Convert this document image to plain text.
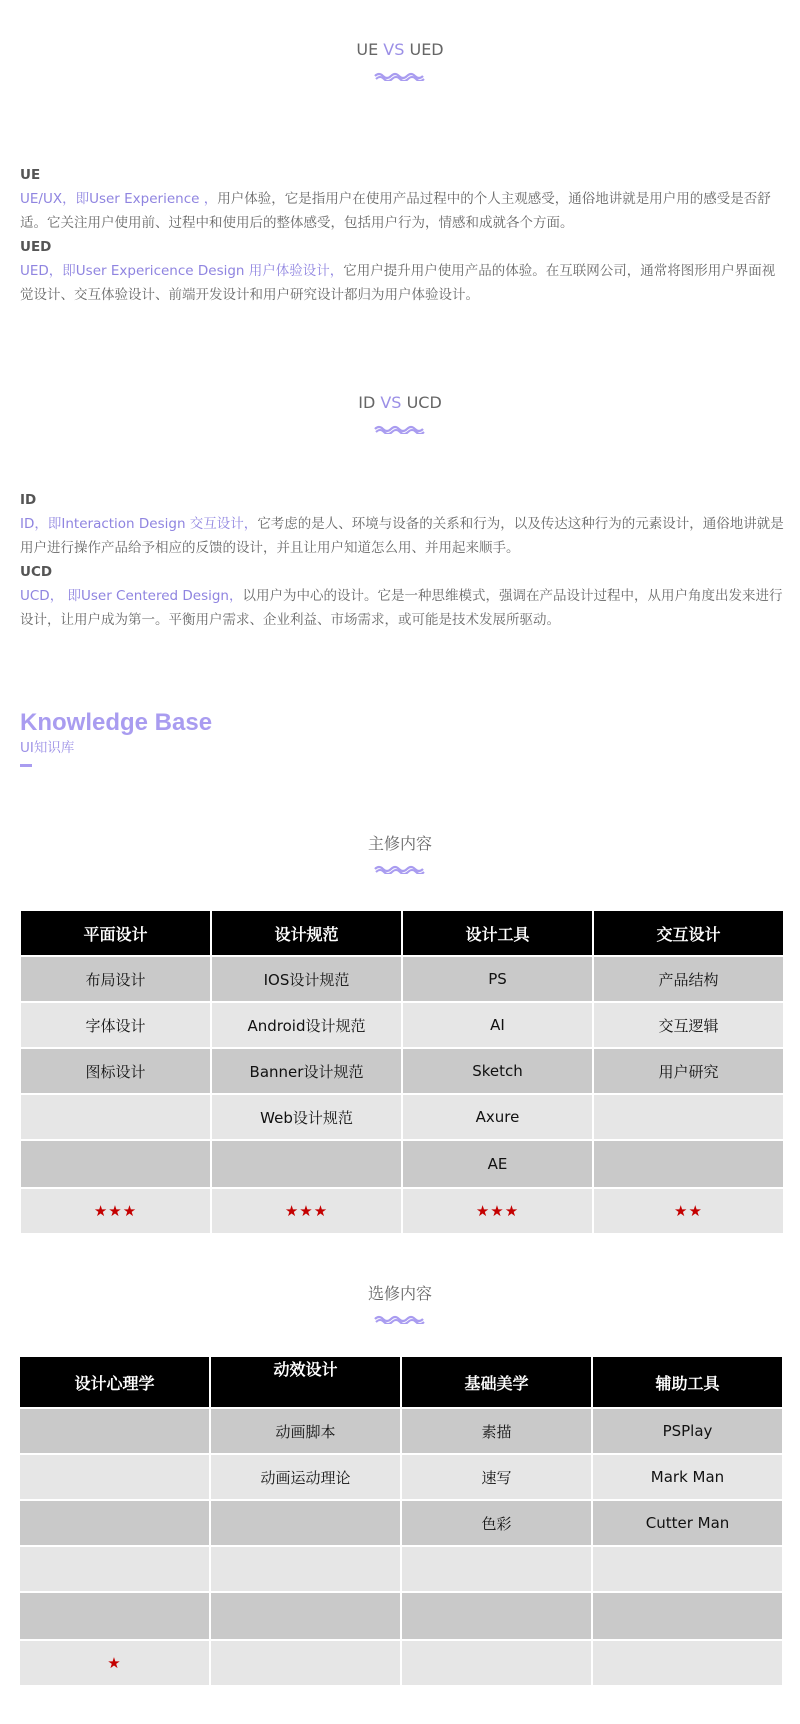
UE VS UED
UE
UE/UX，即User Experience ，用户体验，它是指用户在使用产品过程中的个人主观感受，通俗地讲就是用户用的感受是否舒适。它关注用户使用前、过程中和使用后的整体感受，包括用户行为，情感和成就各个方面。
UED
UED，即User Expericence Design 用户体验设计，它用户提升用户使用产品的体验。在互联网公司，通常将图形用户界面视觉设计、交互体验设计、前端开发设计和用户研究设计都归为用户体验设计。
ID VS UCD
ID
ID，即Interaction Design 交互设计，它考虑的是人、环境与设备的关系和行为，以及传达这种行为的元素设计，通俗地讲就是用户进行操作产品给予相应的反馈的设计，并且让用户知道怎么用、并用起来顺手。
UCD
UCD， 即User Centered Design，以用户为中心的设计。它是一种思维模式，强调在产品设计过程中，从用户角度出发来进行设计，让用户成为第一。平衡用户需求、企业利益、市场需求，或可能是技术发展所驱动。
Knowledge Base
UI知识库
主修内容
平面设计	设计规范	设计工具	交互设计
布局设计	IOS设计规范	PS	产品结构
字体设计	Android设计规范	AI	交互逻辑
图标设计	Banner设计规范	Sketch	用户研究
	Web设计规范	Axure	
		AE	
★★★	★★★	★★★	★★
选修内容
设计心理学	动效设计	基础美学	辅助工具
	动画脚本	素描	PSPlay
	动画运动理论	速写	Mark Man
		色彩	Cutter Man

★			
